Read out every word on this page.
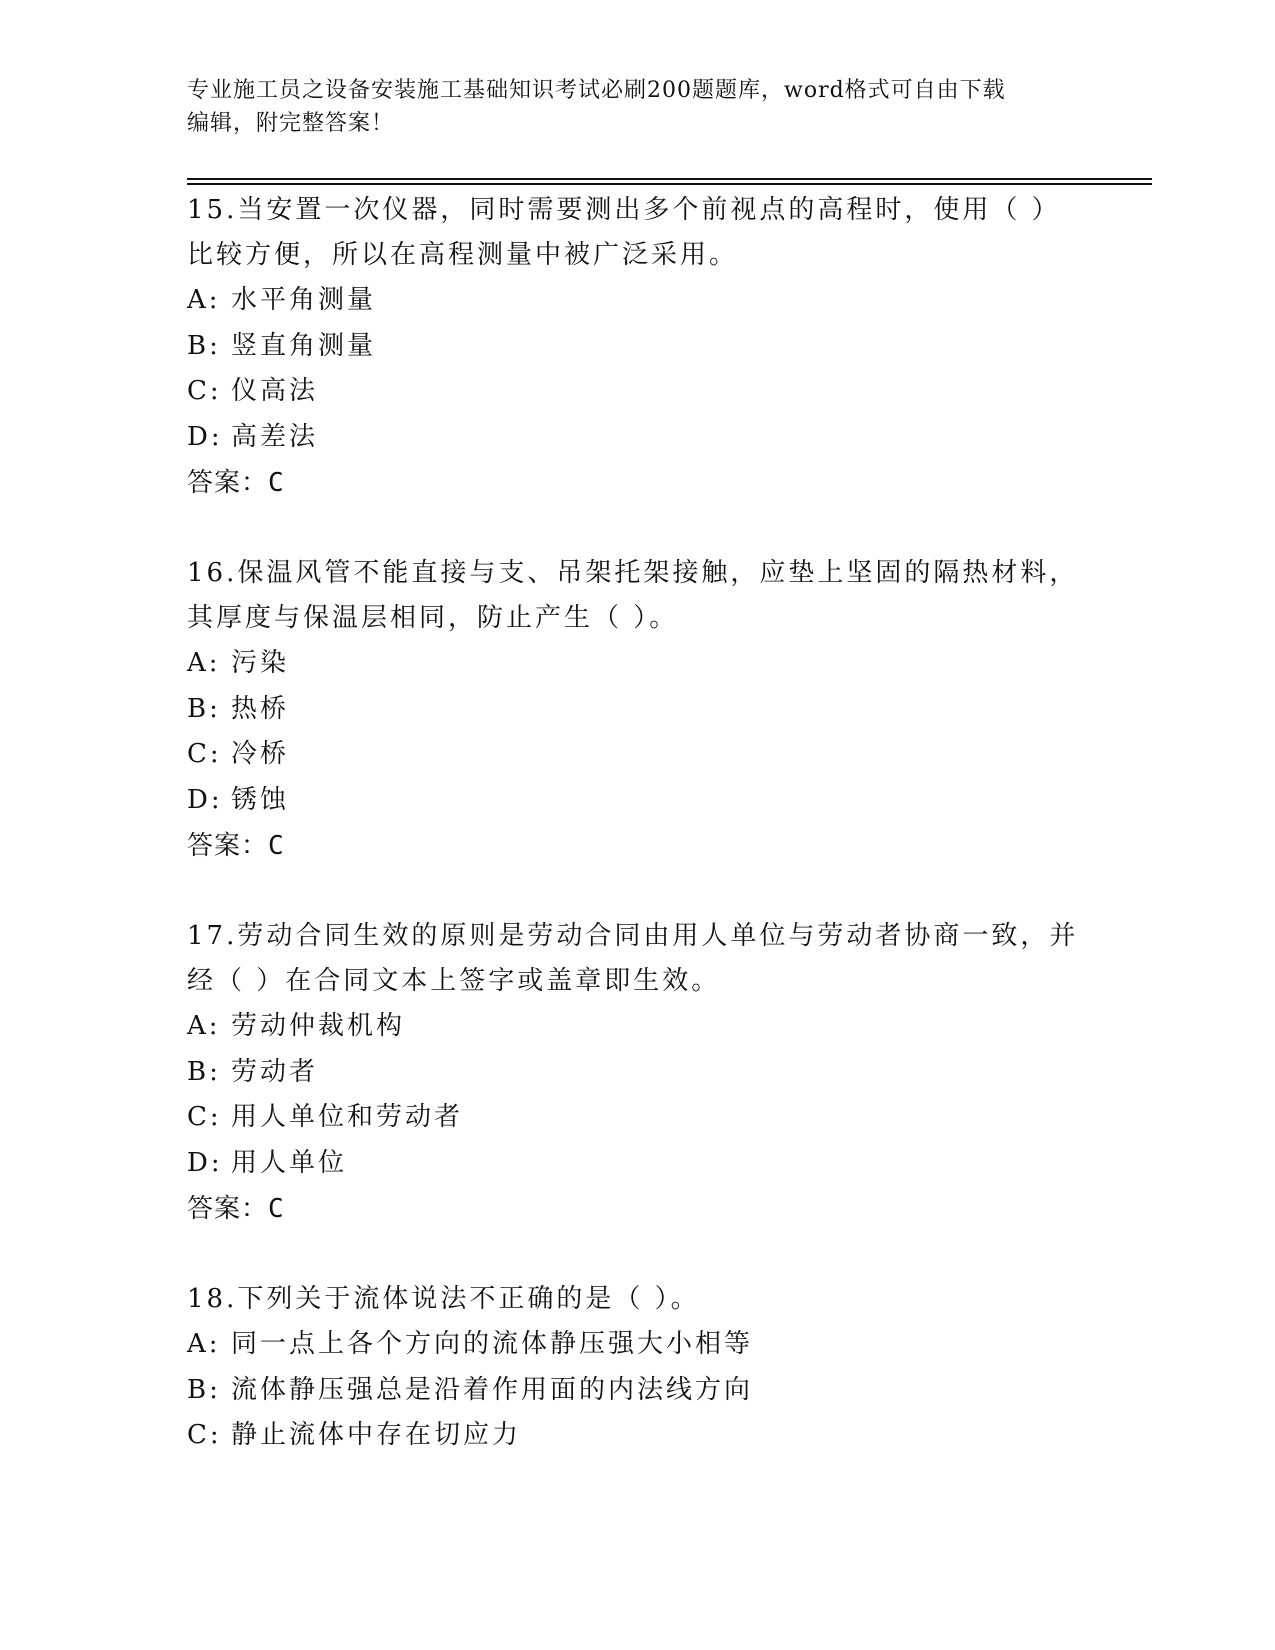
专业施工员之设备安装施工基础知识考试必刷200题题库，word格式可自由下载
编辑，附完整答案！
15.当安置一次仪器，同时需要测出多个前视点的高程时，使用（ ）
比较方便，所以在高程测量中被广泛采用。
A: 水平角测量
B: 竖直角测量
C: 仪高法
D: 高差法
答案：C
16.保温风管不能直接与支、吊架托架接触，应垫上坚固的隔热材料，
其厚度与保温层相同，防止产生（ ）。
A: 污染
B: 热桥
C: 冷桥
D: 锈蚀
答案：C
17.劳动合同生效的原则是劳动合同由用人单位与劳动者协商一致，并
经（ ）在合同文本上签字或盖章即生效。
A: 劳动仲裁机构
B: 劳动者
C: 用人单位和劳动者
D: 用人单位
答案：C
18.下列关于流体说法不正确的是（ ）。
A: 同一点上各个方向的流体静压强大小相等
B: 流体静压强总是沿着作用面的内法线方向
C: 静止流体中存在切应力
